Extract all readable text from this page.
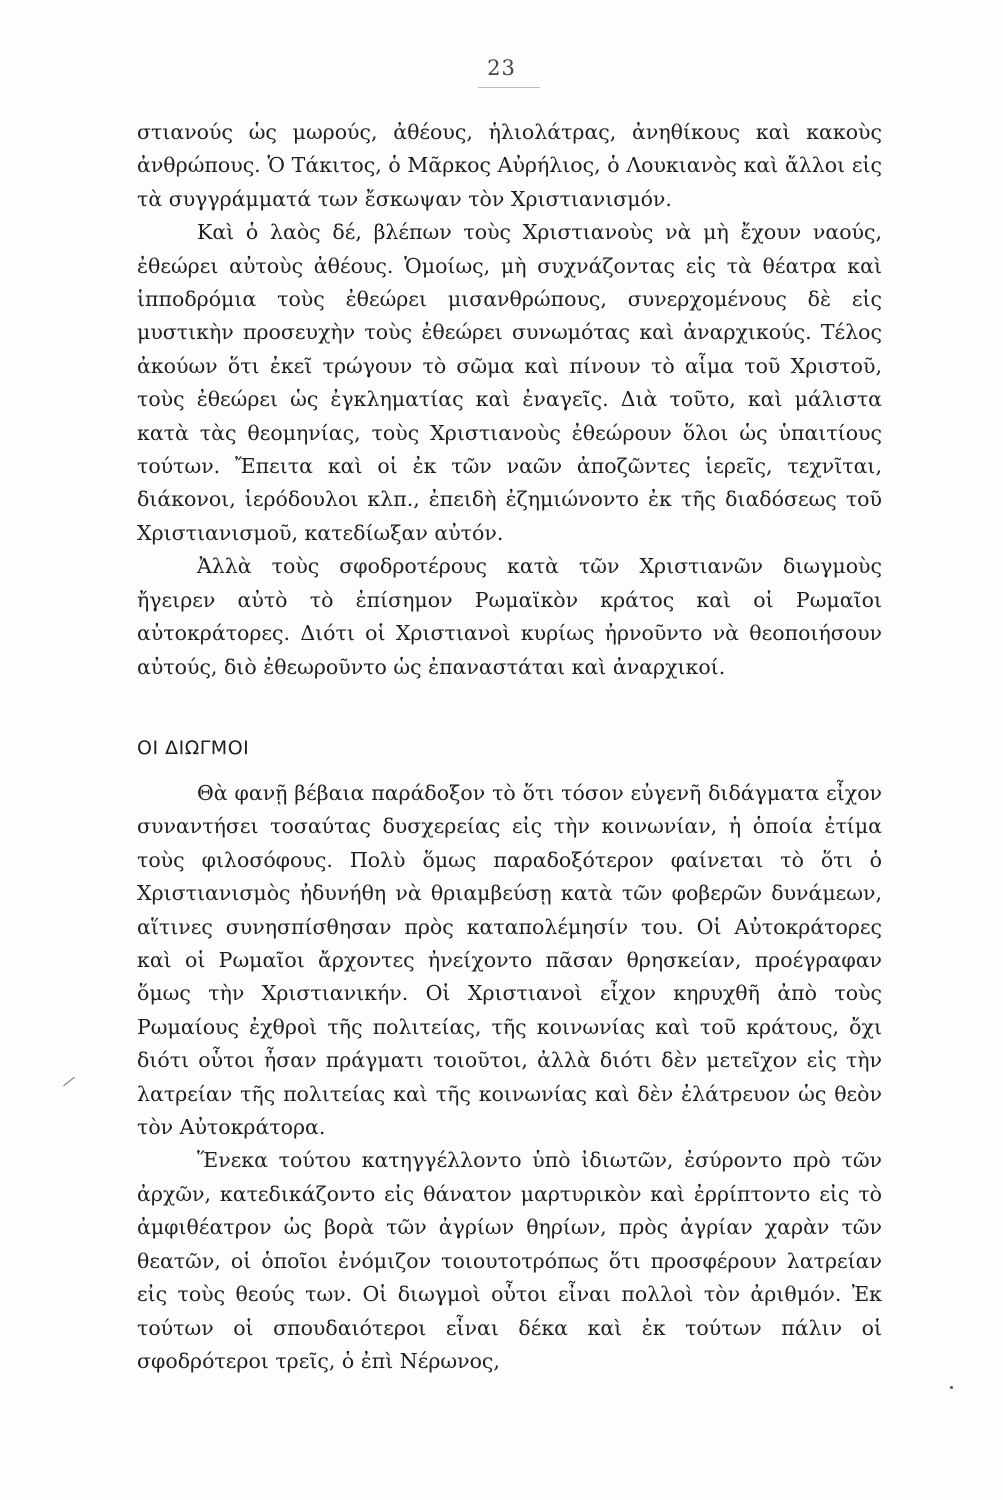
23

στιανούς ὡς μωρούς, ἀθέους, ἡλιολάτρας, ἀνηθίκους καὶ κακοὺς ἀνθρώπους. Ὁ Τάκιτος, ὁ Μᾶρκος Αὐρήλιος, ὁ Λουκιανὸς καὶ ἄλλοι εἰς τὰ συγγράμματά των ἔσκωψαν τὸν Χριστιανισμόν.

Καὶ ὁ λαὸς δέ, βλέπων τοὺς Χριστιανοὺς νὰ μὴ ἔχουν ναούς, ἐθεώρει αὐτοὺς ἀθέους. Ὁμοίως, μὴ συχνάζοντας εἰς τὰ θέατρα καὶ ἱπποδρόμια τοὺς ἐθεώρει μισανθρώπους, συνερχομένους δὲ εἰς μυστικὴν προσευχὴν τοὺς ἐθεώρει συνωμότας καὶ ἀναρχικούς. Τέλος ἀκούων ὅτι ἐκεῖ τρώγουν τὸ σῶμα καὶ πίνουν τὸ αἷμα τοῦ Χριστοῦ, τοὺς ἐθεώρει ὡς ἐγκληματίας καὶ ἐναγεῖς. Διὰ τοῦτο, καὶ μάλιστα κατὰ τὰς θεομηνίας, τοὺς Χριστιανοὺς ἐθεώρουν ὅλοι ὡς ὑπαιτίους τούτων. Ἔπειτα καὶ οἱ ἐκ τῶν ναῶν ἀποζῶντες ἱερεῖς, τεχνῖται, διάκονοι, ἱερόδουλοι κλπ., ἐπειδὴ ἐζημιώνοντο ἐκ τῆς διαδόσεως τοῦ Χριστιανισμοῦ, κατεδίωξαν αὐτόν.

Ἀλλὰ τοὺς σφοδροτέρους κατὰ τῶν Χριστιανῶν διωγμοὺς ἤγειρεν αὐτὸ τὸ ἐπίσημον Ρωμαϊκὸν κράτος καὶ οἱ Ρωμαῖοι αὐτοκράτορες. Διότι οἱ Χριστιανοὶ κυρίως ἠρνοῦντο νὰ θεοποιήσουν αὐτούς, διὸ ἐθεωροῦντο ὡς ἐπαναστάται καὶ ἀναρχικοί.

ΟΙ ΔΙΩΓΜΟΙ

Θὰ φανῇ βέβαια παράδοξον τὸ ὅτι τόσον εὐγενῆ διδάγματα εἶχον συναντήσει τοσαύτας δυσχερείας εἰς τὴν κοινωνίαν, ἡ ὁποία ἐτίμα τοὺς φιλοσόφους. Πολὺ ὅμως παραδοξότερον φαίνεται τὸ ὅτι ὁ Χριστιανισμὸς ἠδυνήθη νὰ θριαμβεύσῃ κατὰ τῶν φοβερῶν δυνάμεων, αἵτινες συνησπίσθησαν πρὸς καταπολέμησίν του. Οἱ Αὐτοκράτορες καὶ οἱ Ρωμαῖοι ἄρχοντες ἠνείχοντο πᾶσαν θρησκείαν, προέγραφαν ὅμως τὴν Χριστιανικήν. Οἱ Χριστιανοὶ εἶχον κηρυχθῆ ἀπὸ τοὺς Ρωμαίους ἐχθροὶ τῆς πολιτείας, τῆς κοινωνίας καὶ τοῦ κράτους, ὄχι διότι οὗτοι ἦσαν πράγματι τοιοῦτοι, ἀλλὰ διότι δὲν μετεῖχον εἰς τὴν λατρείαν τῆς πολιτείας καὶ τῆς κοινωνίας καὶ δὲν ἐλάτρευον ὡς θεὸν τὸν Αὐτοκράτορα.

Ἕνεκα τούτου κατηγγέλλοντο ὑπὸ ἰδιωτῶν, ἐσύροντο πρὸ τῶν ἀρχῶν, κατεδικάζοντο εἰς θάνατον μαρτυρικὸν καὶ ἐρρίπτοντο εἰς τὸ ἀμφιθέατρον ὡς βορὰ τῶν ἀγρίων θηρίων, πρὸς ἀγρίαν χαρὰν τῶν θεατῶν, οἱ ὁποῖοι ἐνόμιζον τοιουτοτρόπως ὅτι προσφέρουν λατρείαν εἰς τοὺς θεούς των. Οἱ διωγμοὶ οὗτοι εἶναι πολλοὶ τὸν ἀριθμόν. Ἐκ τούτων οἱ σπουδαιότεροι εἶναι δέκα καὶ ἐκ τούτων πάλιν οἱ σφοδρότεροι τρεῖς, ὁ ἐπὶ Νέρωνος,
